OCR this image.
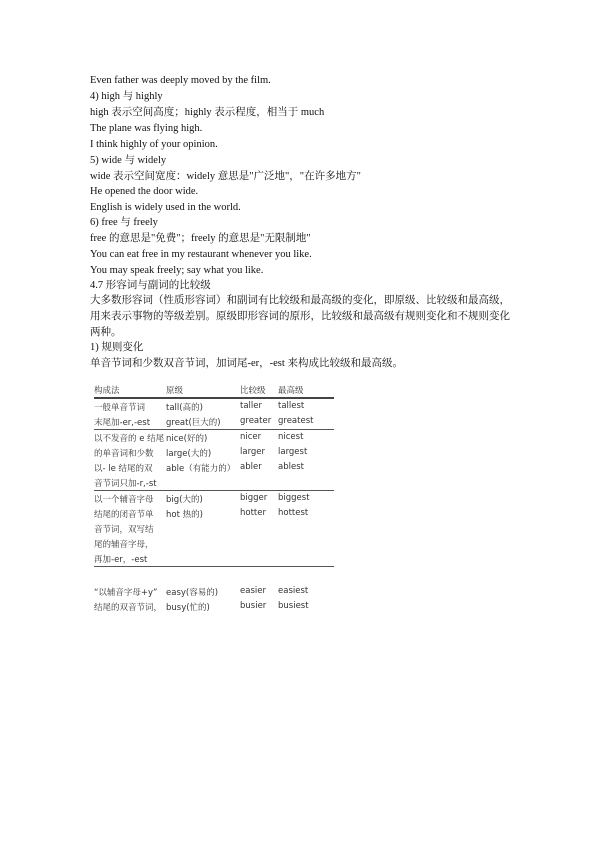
Even father was deeply moved by the film.
4) high 与 highly
high 表示空间高度；highly 表示程度，相当于 much
The plane was flying high.
I think highly of your opinion.
5) wide 与 widely
wide 表示空间宽度：widely 意思是"广泛地"，"在许多地方"
He opened the door wide.
English is widely used in the world.
6) free 与 freely
free 的意思是"免费"；freely 的意思是"无限制地"
You can eat free in my restaurant whenever you like.
You may speak freely; say what you like.
4.7 形容词与副词的比较级
大多数形容词（性质形容词）和副词有比较级和最高级的变化，即原级、比较级和最高级，用来表示事物的等级差别。原级即形容词的原形，比较级和最高级有规则变化和不规则变化两种。
1) 规则变化
单音节词和少数双音节词，加词尾-er，-est 来构成比较级和最高级。
构成法	原级	比较级 最高级
一般单音节词 tall(高的)	taller tallest
末尾加-er,-est great(巨大的) greater greatest
以不发音的 e 结尾 nice(好的)	nicer nicest
的单音词和少数 large(大的)	larger largest
以- le 结尾的双 able（有能力的） abler ablest
音节词只加-r,-st
以一个辅音字母 big(大的)	bigger biggest
结尾的闭音节单 hot 热的)	hotter hottest
音节词，双写结
尾的辅音字母，
再加-er，-est
“以辅音字母+y” easy(容易的)	easier easiest
结尾的双音节词， busy(忙的)	busier busiest
